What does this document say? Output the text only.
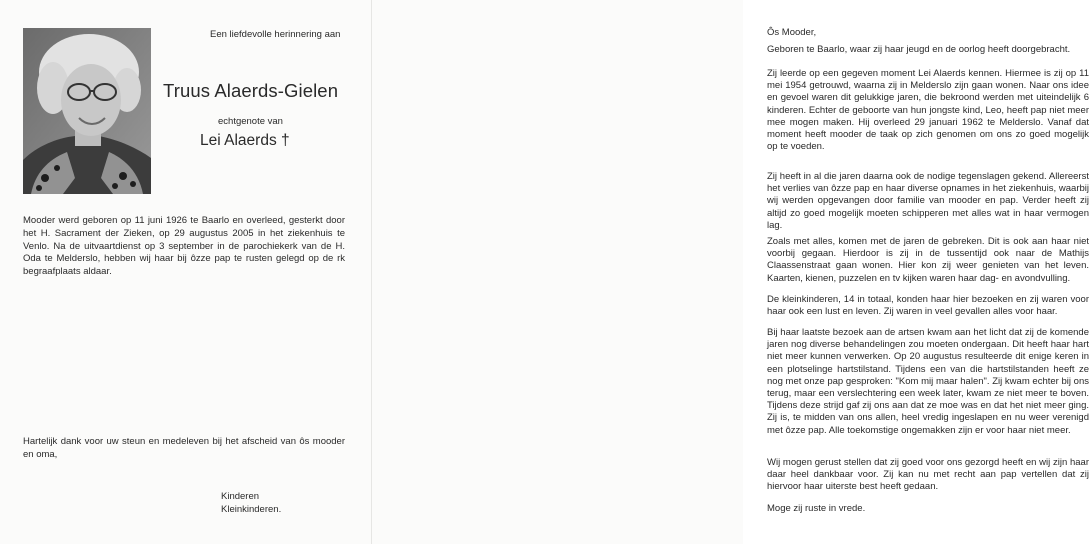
Een liefdevolle herinnering aan
Truus Alaerds-Gielen
echtgenote van
Lei Alaerds †

Mooder werd geboren op 11 juni 1926 te Baarlo en overleed, gesterkt door het H. Sacrament der Zieken, op 29 augustus 2005 in het ziekenhuis te Venlo. Na de uitvaartdienst op 3 september in de parochiekerk van de H. Oda te Melderslo, hebben wij haar bij ôzze pap te rusten gelegd op de rk begraafplaats aldaar.

Hartelijk dank voor uw steun en medeleven bij het afscheid van ôs mooder en oma,

Kinderen
Kleinkinderen.

Ôs Mooder,

Geboren te Baarlo, waar zij haar jeugd en de oorlog heeft doorgebracht.

Zij leerde op een gegeven moment Lei Alaerds kennen. Hiermee is zij op 11 mei 1954 getrouwd, waarna zij in Melderslo zijn gaan wonen. Naar ons idee en gevoel waren dit gelukkige jaren, die bekroond werden met uiteindelijk 6 kinderen. Echter de geboorte van hun jongste kind, Leo, heeft pap niet meer mee mogen maken. Hij overleed 29 januari 1962 te Melderslo. Vanaf dat moment heeft mooder de taak op zich genomen om ons zo goed mogelijk op te voeden.

Zij heeft in al die jaren daarna ook de nodige tegenslagen gekend. Allereerst het verlies van ôzze pap en haar diverse opnames in het ziekenhuis, waarbij wij werden opgevangen door familie van mooder en pap. Verder heeft zij altijd zo goed mogelijk moeten schipperen met alles wat in haar vermogen lag.

Zoals met alles, komen met de jaren de gebreken. Dit is ook aan haar niet voorbij gegaan. Hierdoor is zij in de tussentijd ook naar de Mathijs Claassenstraat gaan wonen. Hier kon zij weer genieten van het leven. Kaarten, kienen, puzzelen en tv kijken waren haar dag- en avondvulling.

De kleinkinderen, 14 in totaal, konden haar hier bezoeken en zij waren voor haar ook een lust en leven. Zij waren in veel gevallen alles voor haar.

Bij haar laatste bezoek aan de artsen kwam aan het licht dat zij de komende jaren nog diverse behandelingen zou moeten ondergaan. Dit heeft haar hart niet meer kunnen verwerken. Op 20 augustus resulteerde dit enige keren in een plotselinge hartstilstand. Tijdens een van die hartstilstanden heeft ze nog met onze pap gesproken: "Kom mij maar halen". Zij kwam echter bij ons terug, maar een verslechtering een week later, kwam ze niet meer te boven. Tijdens deze strijd gaf zij ons aan dat ze moe was en dat het niet meer ging. Zij is, te midden van ons allen, heel vredig ingeslapen en nu weer verenigd met ôzze pap. Alle toekomstige ongemakken zijn er voor haar niet meer.

Wij mogen gerust stellen dat zij goed voor ons gezorgd heeft en wij zijn haar daar heel dankbaar voor. Zij kan nu met recht aan pap vertellen dat zij hiervoor haar uiterste best heeft gedaan.

Moge zij ruste in vrede.
